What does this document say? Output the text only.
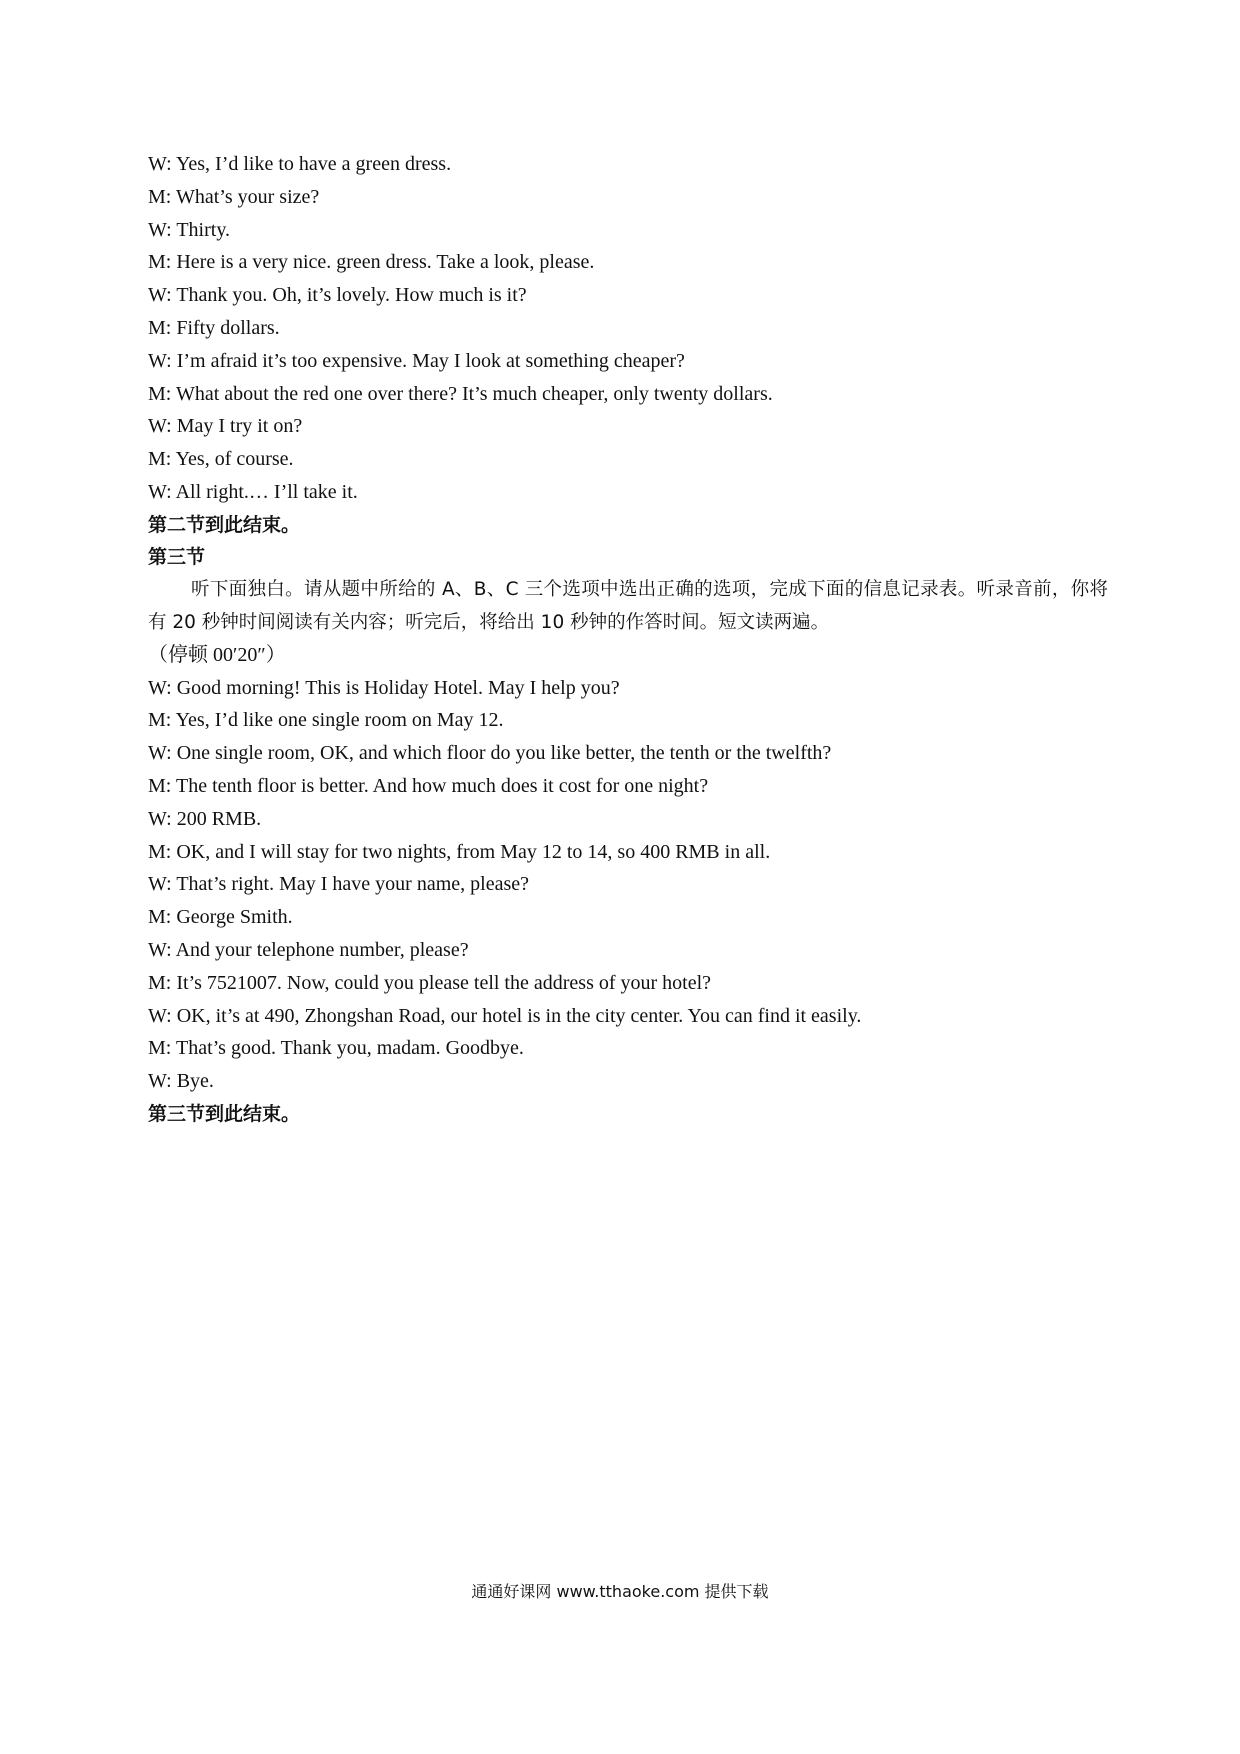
W: Yes, I’d like to have a green dress.

M: What’s your size?

W: Thirty.

M: Here is a very nice. green dress. Take a look, please.

W: Thank you. Oh, it’s lovely. How much is it?

M: Fifty dollars.

W: I’m afraid it’s too expensive. May I look at something cheaper?

M: What about the red one over there? It’s much cheaper, only twenty dollars.

W: May I try it on?

M: Yes, of course.

W: All right.… I’ll take it.

第二节到此结束。

第三节

听下面独白。请从题中所给的 A、B、C 三个选项中选出正确的选项，完成下面的信息记录表。听录音前，你将有 20 秒钟时间阅读有关内容；听完后，将给出 10 秒钟的作答时间。短文读两遍。

（停顿 00′20″）

W: Good morning! This is Holiday Hotel. May I help you?

M: Yes, I’d like one single room on May 12.

W: One single room, OK, and which floor do you like better, the tenth or the twelfth?

M: The tenth floor is better. And how much does it cost for one night?

W: 200 RMB.

M: OK, and I will stay for two nights, from May 12 to 14, so 400 RMB in all.

W: That’s right. May I have your name, please?

M: George Smith.

W: And your telephone number, please?

M: It’s 7521007. Now, could you please tell the address of your hotel?

W: OK, it’s at 490, Zhongshan Road, our hotel is in the city center. You can find it easily.

M: That’s good. Thank you, madam. Goodbye.

W: Bye.

第三节到此结束。

通通好课网 www.tthaoke.com 提供下载
